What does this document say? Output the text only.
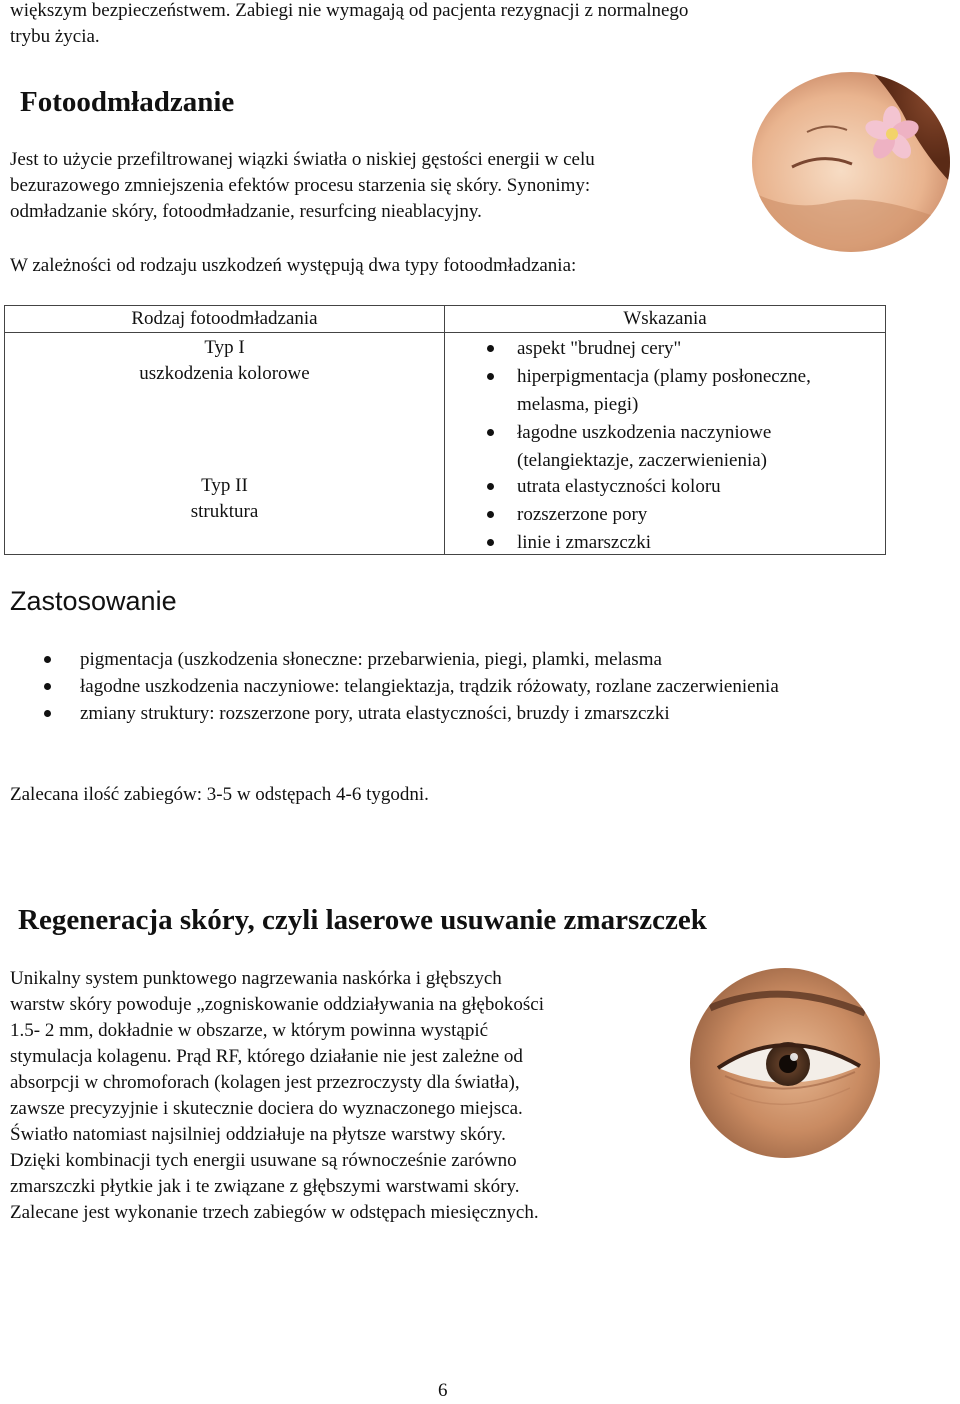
większym bezpieczeństwem. Zabiegi nie wymagają od pacjenta rezygnacji z normalnego
trybu życia.
Fotoodmładzanie
Jest to użycie przefiltrowanej wiązki światła o niskiej gęstości energii w celu
bezurazowego zmniejszenia efektów procesu starzenia się skóry. Synonimy:
odmładzanie skóry, fotoodmładzanie, resurfcing nieablacyjny.
W zależności od rodzaju uszkodzeń występują dwa typy fotoodmładzania:
Rodzaj fotoodmładzania	Wskazania
Typ I
uszkodzenia kolorowe
Typ II
struktura
aspekt "brudnej cery"
hiperpigmentacja (plamy posłoneczne, melasma, piegi)
łagodne uszkodzenia naczyniowe (telangiektazje, zaczerwienienia)
utrata elastyczności koloru
rozszerzone pory
linie i zmarszczki
Zastosowanie
pigmentacja (uszkodzenia słoneczne: przebarwienia, piegi, plamki, melasma
łagodne uszkodzenia naczyniowe: telangiektazja, trądzik różowaty, rozlane zaczerwienienia
zmiany struktury: rozszerzone pory, utrata elastyczności, bruzdy i zmarszczki
Zalecana ilość zabiegów: 3-5 w odstępach 4-6 tygodni.
Regeneracja skóry, czyli laserowe usuwanie zmarszczek

Unikalny system punktowego nagrzewania naskórka i głębszych

warstw skóry powoduje „zogniskowanie oddziaływania na głębokości

1.5- 2 mm, dokładnie w obszarze, w którym powinna wystąpić

stymulacja kolagenu. Prąd RF, którego działanie nie jest zależne od

absorpcji w chromoforach (kolagen jest przezroczysty dla światła),

zawsze precyzyjnie i skutecznie dociera do wyznaczonego miejsca.

Światło natomiast najsilniej oddziałuje na płytsze warstwy skóry.

Dzięki kombinacji tych energii usuwane są równocześnie zarówno

zmarszczki płytkie jak i te związane z głębszymi warstwami skóry.

Zalecane jest wykonanie trzech zabiegów w odstępach miesięcznych.

6
